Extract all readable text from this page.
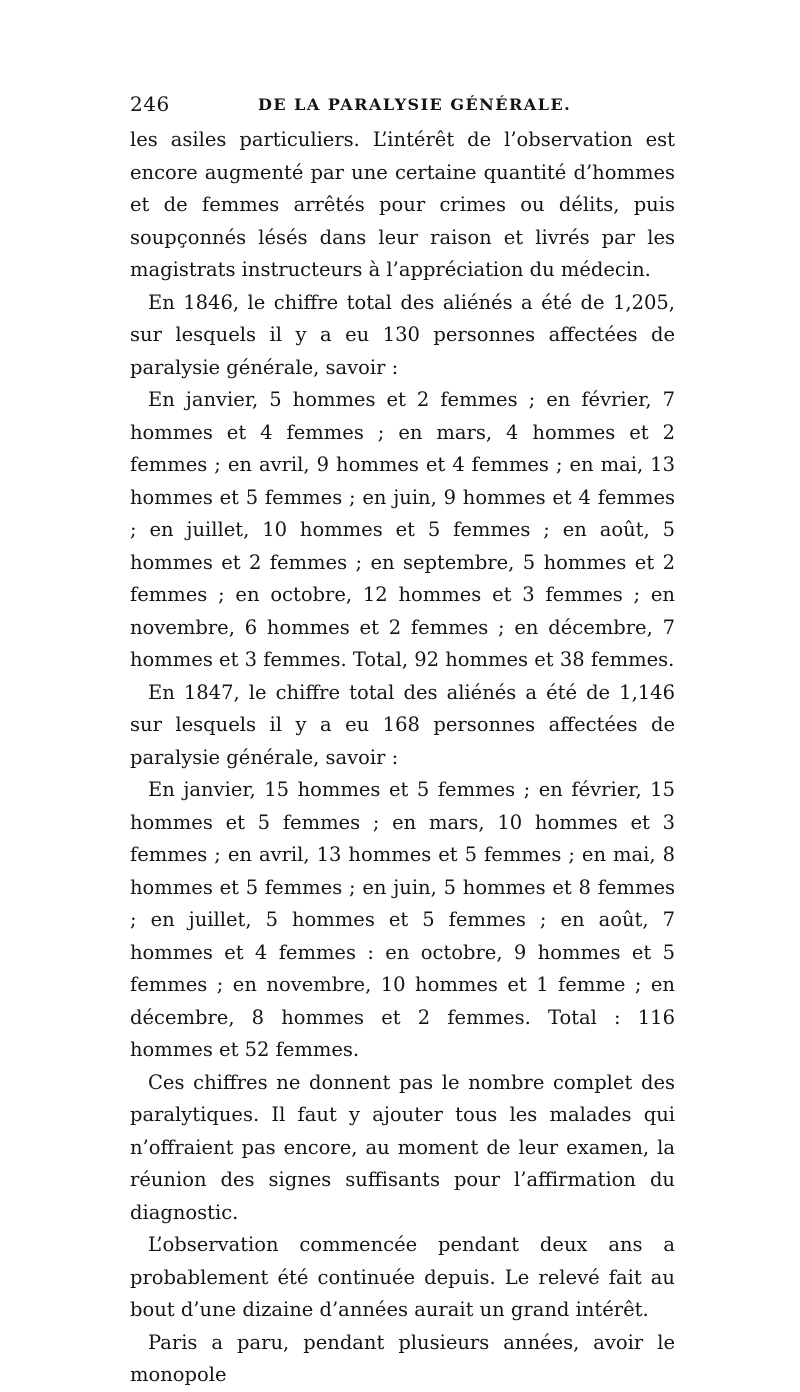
246	DE LA PARALYSIE GÉNÉRALE.

les asiles particuliers. L’intérêt de l’observation est encore augmenté par une certaine quantité d’hommes et de femmes arrêtés pour crimes ou délits, puis soupçonnés lésés dans leur raison et livrés par les magistrats instructeurs à l’appréciation du médecin.

En 1846, le chiffre total des aliénés a été de 1,205, sur lesquels il y a eu 130 personnes affectées de paralysie générale, savoir :

En janvier, 5 hommes et 2 femmes ; en février, 7 hommes et 4 femmes ; en mars, 4 hommes et 2 femmes ; en avril, 9 hommes et 4 femmes ; en mai, 13 hommes et 5 femmes ; en juin, 9 hommes et 4 femmes ; en juillet, 10 hommes et 5 femmes ; en août, 5 hommes et 2 femmes ; en septembre, 5 hommes et 2 femmes ; en octobre, 12 hommes et 3 femmes ; en novembre, 6 hommes et 2 femmes ; en décembre, 7 hommes et 3 femmes. Total, 92 hommes et 38 femmes.

En 1847, le chiffre total des aliénés a été de 1,146 sur lesquels il y a eu 168 personnes affectées de paralysie générale, savoir :

En janvier, 15 hommes et 5 femmes ; en février, 15 hommes et 5 femmes ; en mars, 10 hommes et 3 femmes ; en avril, 13 hommes et 5 femmes ; en mai, 8 hommes et 5 femmes ; en juin, 5 hommes et 8 femmes ; en juillet, 5 hommes et 5 femmes ; en août, 7 hommes et 4 femmes : en octobre, 9 hommes et 5 femmes ; en novembre, 10 hommes et 1 femme ; en décembre, 8 hommes et 2 femmes. Total : 116 hommes et 52 femmes.

Ces chiffres ne donnent pas le nombre complet des paralytiques. Il faut y ajouter tous les malades qui n’offraient pas encore, au moment de leur examen, la réunion des signes suffisants pour l’affirmation du diagnostic.

L’observation commencée pendant deux ans a probablement été continuée depuis. Le relevé fait au bout d’une dizaine d’années aurait un grand intérêt.

Paris a paru, pendant plusieurs années, avoir le monopole
